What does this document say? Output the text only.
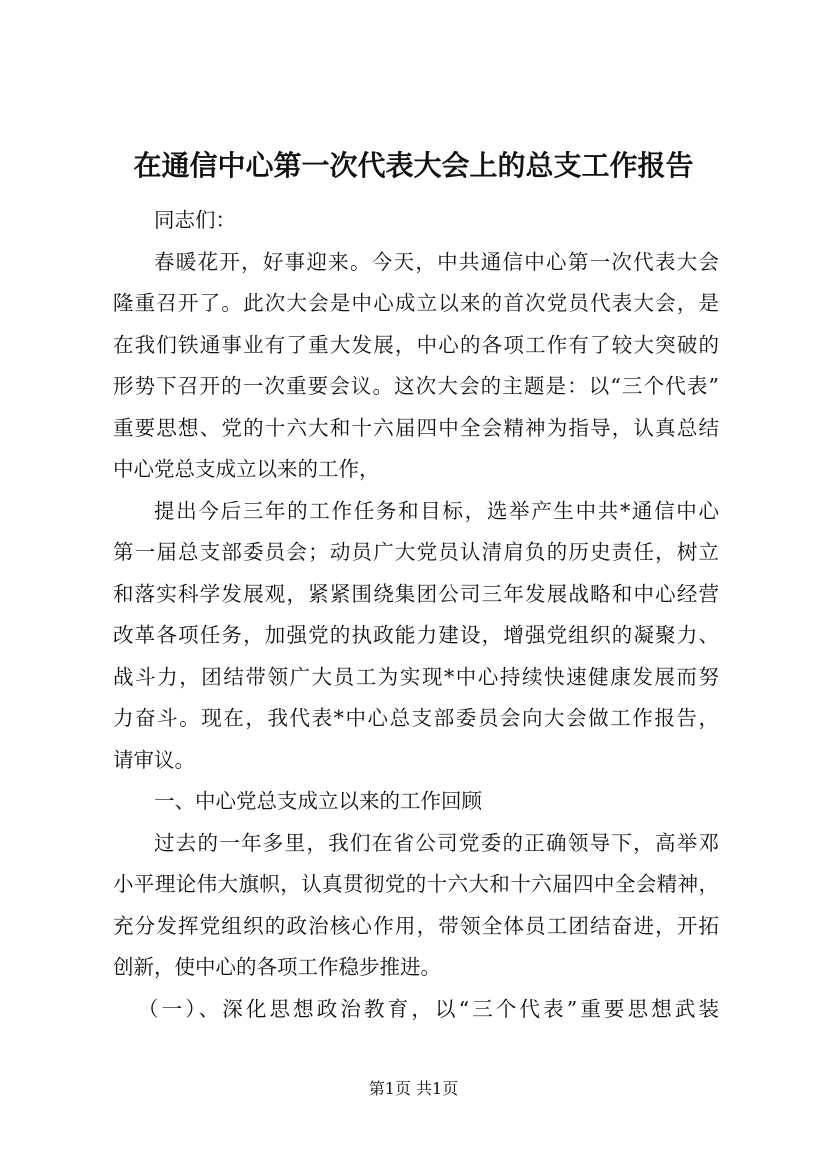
在通信中心第一次代表大会上的总支工作报告
同志们：
春暖花开，好事迎来。今天，中共通信中心第一次代表大会
隆重召开了。此次大会是中心成立以来的首次党员代表大会，是
在我们铁通事业有了重大发展，中心的各项工作有了较大突破的
形势下召开的一次重要会议。这次大会的主题是：以“三个代表”
重要思想、党的十六大和十六届四中全会精神为指导，认真总结
中心党总支成立以来的工作，
提出今后三年的工作任务和目标，选举产生中共*通信中心
第一届总支部委员会；动员广大党员认清肩负的历史责任，树立
和落实科学发展观，紧紧围绕集团公司三年发展战略和中心经营
改革各项任务，加强党的执政能力建设，增强党组织的凝聚力、
战斗力，团结带领广大员工为实现*中心持续快速健康发展而努
力奋斗。现在，我代表*中心总支部委员会向大会做工作报告，
请审议。
一、中心党总支成立以来的工作回顾
过去的一年多里，我们在省公司党委的正确领导下，高举邓
小平理论伟大旗帜，认真贯彻党的十六大和十六届四中全会精神，
充分发挥党组织的政治核心作用，带领全体员工团结奋进，开拓
创新，使中心的各项工作稳步推进。
（一）、深化思想政治教育，以“三个代表”重要思想武装
第1页 共1页
